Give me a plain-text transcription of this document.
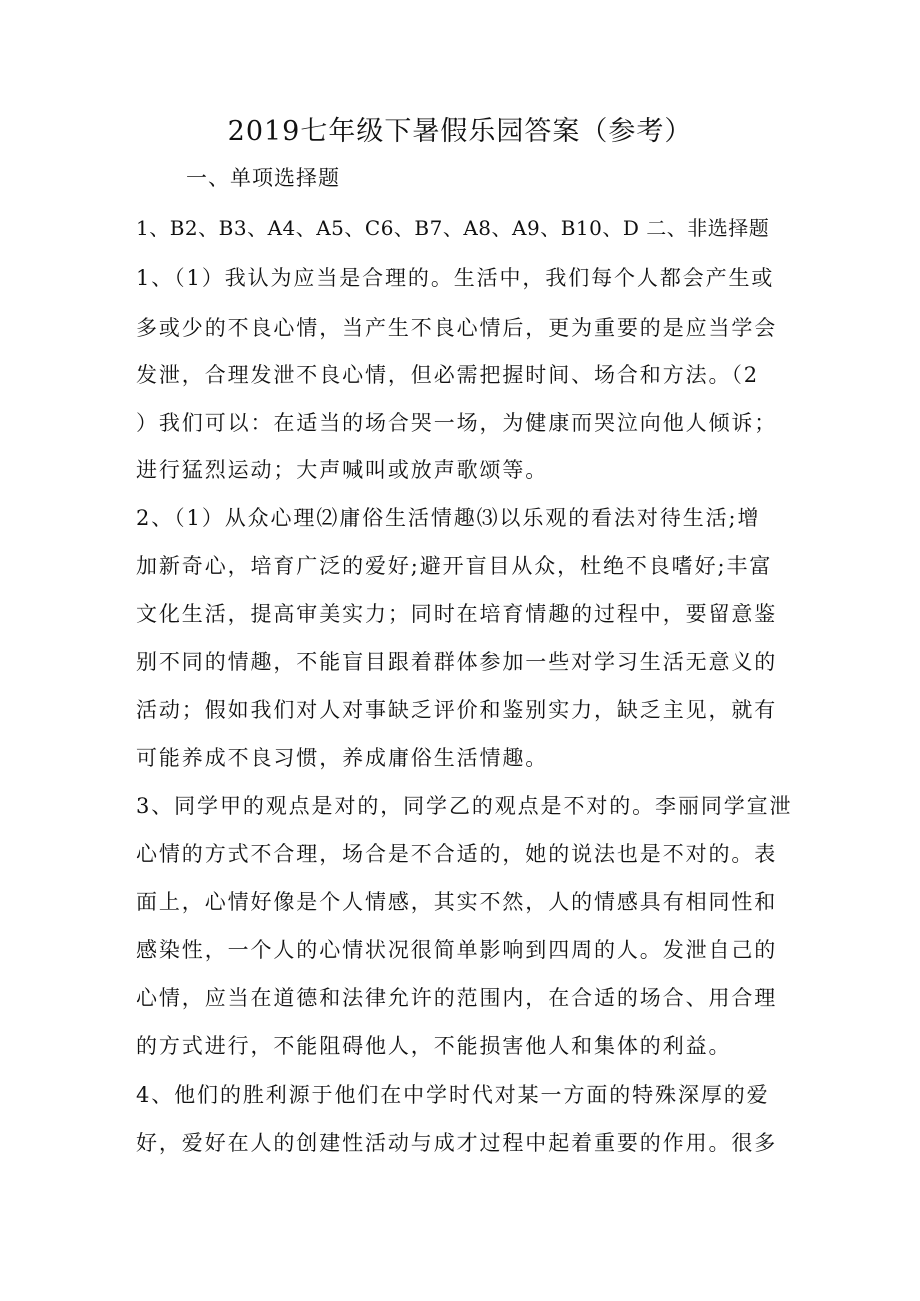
2019七年级下暑假乐园答案（参考）
一、单项选择题
1、B2、B3、A4、A5、C6、B7、A8、A9、B10、D 二、非选择题
1、（1）我认为应当是合理的。生活中，我们每个人都会产生或
多或少的不良心情，当产生不良心情后，更为重要的是应当学会
发泄，合理发泄不良心情，但必需把握时间、场合和方法。（2
）我们可以：在适当的场合哭一场，为健康而哭泣向他人倾诉；
进行猛烈运动；大声喊叫或放声歌颂等。
2、（1）从众心理⑵庸俗生活情趣⑶以乐观的看法对待生活;增
加新奇心，培育广泛的爱好;避开盲目从众，杜绝不良嗜好;丰富
文化生活，提高审美实力；同时在培育情趣的过程中，要留意鉴
别不同的情趣，不能盲目跟着群体参加一些对学习生活无意义的
活动；假如我们对人对事缺乏评价和鉴别实力，缺乏主见，就有
可能养成不良习惯，养成庸俗生活情趣。
3、同学甲的观点是对的，同学乙的观点是不对的。李丽同学宣泄
心情的方式不合理，场合是不合适的，她的说法也是不对的。表
面上，心情好像是个人情感，其实不然，人的情感具有相同性和
感染性，一个人的心情状况很简单影响到四周的人。发泄自己的
心情，应当在道德和法律允许的范围内，在合适的场合、用合理
的方式进行，不能阻碍他人，不能损害他人和集体的利益。
4、他们的胜利源于他们在中学时代对某一方面的特殊深厚的爱
好，爱好在人的创建性活动与成才过程中起着重要的作用。很多
